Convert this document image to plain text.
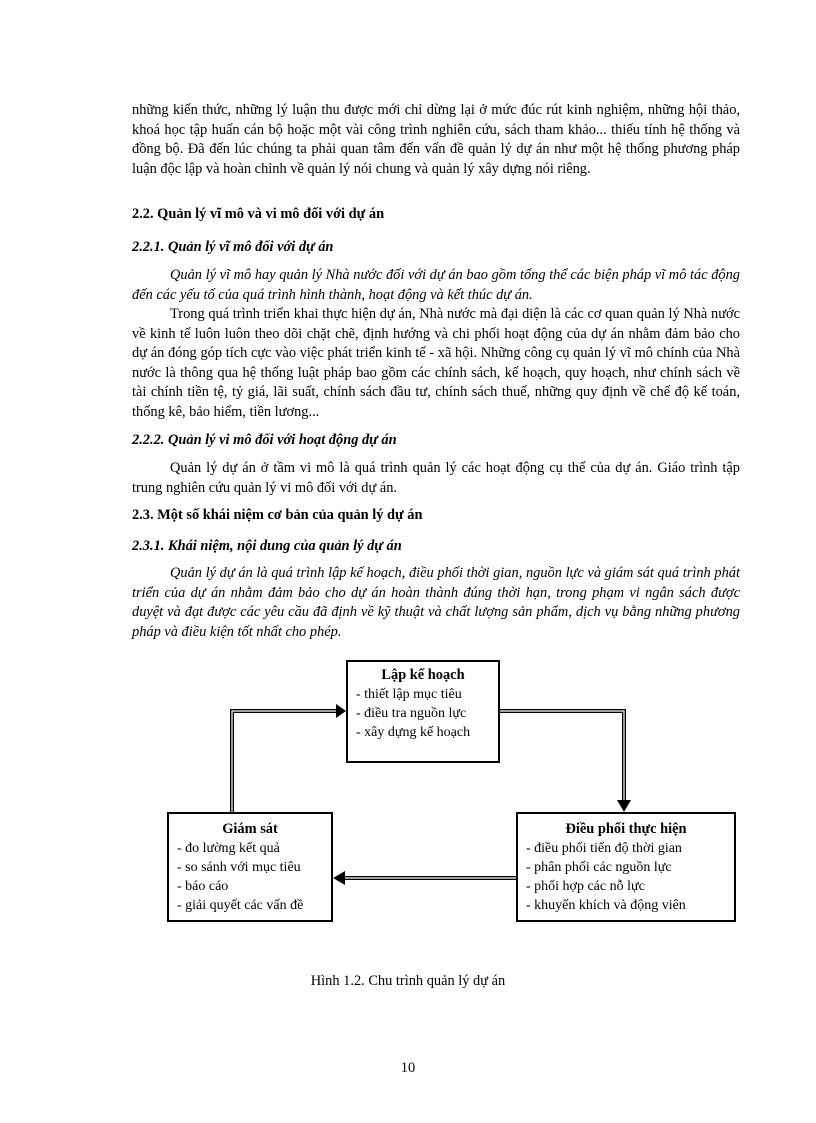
những kiến thức, những lý luận thu được mới chỉ dừng lại ở mức đúc rút kinh nghiệm, những hội thảo, khoá học tập huấn cán bộ hoặc một vài công trình nghiên cứu, sách tham khảo... thiếu tính hệ thống và đồng bộ. Đã đến lúc chúng ta phải quan tâm đến vấn đề quản lý dự án như một hệ thống phương pháp luận độc lập và hoàn chỉnh về quản lý nói chung và quản lý xây dựng nói riêng.

2.2. Quản lý vĩ mô và vi mô đối với dự án

2.2.1. Quản lý vĩ mô đối với dự án

Quản lý vĩ mô hay quản lý Nhà nước đối với dự án bao gồm tổng thể các biện pháp vĩ mô tác động đến các yếu tố của quá trình hình thành, hoạt động và kết thúc dự án.

Trong quá trình triển khai thực hiện dự án, Nhà nước mà đại diện là các cơ quan quản lý Nhà nước về kinh tế luôn luôn theo dõi chặt chẽ, định hướng và chi phối hoạt động của dự án nhằm đảm bảo cho dự án đóng góp tích cực vào việc phát triển kinh tế - xã hội. Những công cụ quản lý vĩ mô chính của Nhà nước là thông qua hệ thống luật pháp bao gồm các chính sách, kế hoạch, quy hoạch, như chính sách về tài chính tiền tệ, tỷ giá, lãi suất, chính sách đầu tư, chính sách thuế, những quy định về chế độ kế toán, thống kê, bảo hiểm, tiền lương...

2.2.2. Quản lý vi mô đối với hoạt động dự án

Quản lý dự án ở tầm vi mô là quá trình quản lý các hoạt động cụ thể của dự án. Giáo trình tập trung nghiên cứu quản lý vi mô đối với dự án.

2.3. Một số khái niệm cơ bản của quản lý dự án

2.3.1. Khái niệm, nội dung của quản lý dự án

Quản lý dự án là quá trình lập kế hoạch, điều phối thời gian, nguồn lực và giám sát quá trình phát triển của dự án nhằm đảm bảo cho dự án hoàn thành đúng thời hạn, trong phạm vi ngân sách được duyệt và đạt được các yêu cầu đã định về kỹ thuật và chất lượng sản phẩm, dịch vụ bằng những phương pháp và điều kiện tốt nhất cho phép.

Lập kế hoạch
- thiết lập mục tiêu
- điều tra nguồn lực
- xây dựng kế hoạch
Giám sát
- đo lường kết quả
- so sánh với mục tiêu
- báo cáo
- giải quyết các vấn đề
Điều phối thực hiện
- điều phối tiến độ thời gian
- phân phối các nguồn lực
- phối hợp các nỗ lực
- khuyến khích và động viên
Hình 1.2. Chu trình quản lý dự án
10
